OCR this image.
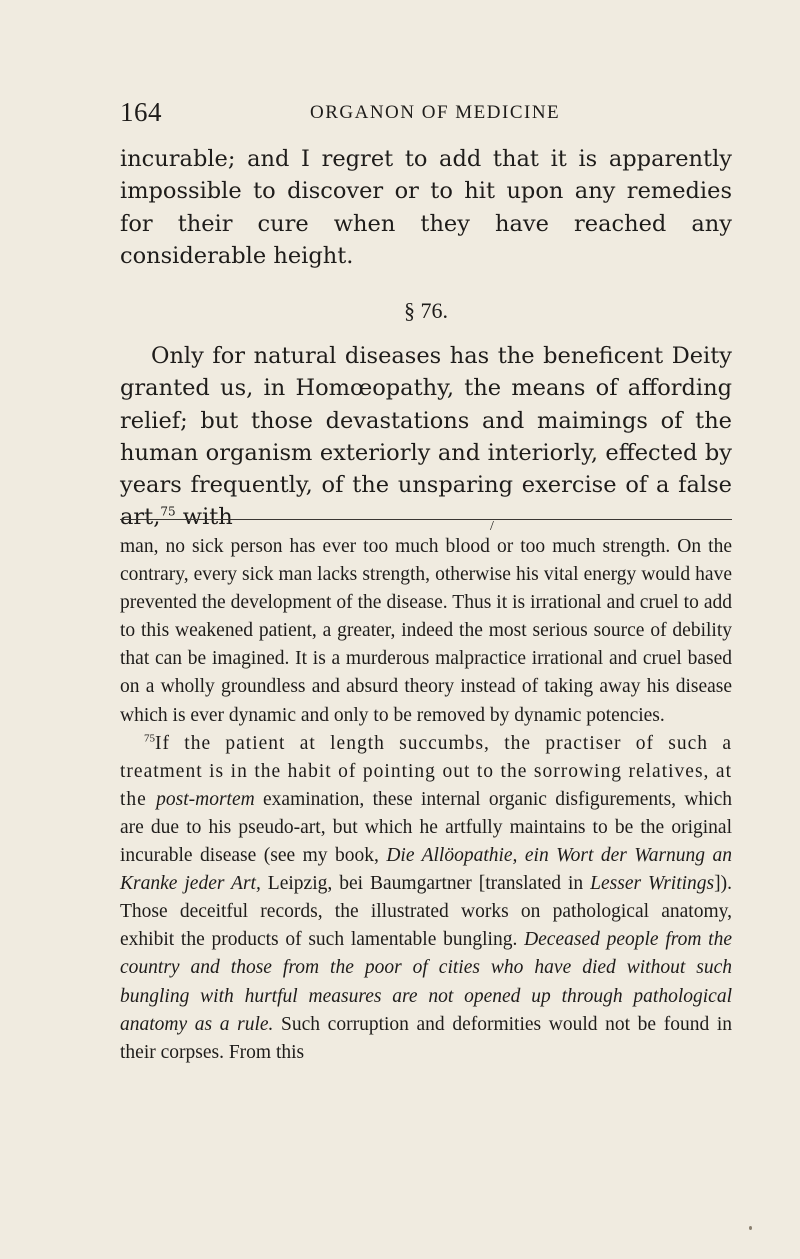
164	ORGANON OF MEDICINE

incurable; and I regret to add that it is apparently impossible to discover or to hit upon any remedies for their cure when they have reached any considerable height.

§ 76.

Only for natural diseases has the beneficent Deity granted us, in Homœopathy, the means of affording relief; but those devastations and maimings of the human organism exteriorly and interiorly, effected by years frequently, of the unsparing exercise of a false art,$^{75}$ with	/
man, no sick person has ever too much blood or too much strength. On the contrary, every sick man lacks strength, otherwise his vital energy would have prevented the development of the disease. Thus it is irrational and cruel to add to this weakened patient, a greater, indeed the most serious source of debility that can be imagined. It is a murderous malpractice irrational and cruel based on a wholly groundless and absurd theory instead of taking away his disease which is ever dynamic and only to be removed by dynamic potencies.

$^{75}$If the patient at length succumbs, the practiser of such a treatment is in the habit of pointing out to the sorrowing relatives, at the post-mortem examination, these internal organic disfigurements, which are due to his pseudo-art, but which he artfully maintains to be the original incurable disease (see my book, Die Allöopathie, ein Wort der Warnung an Kranke jeder Art, Leipzig, bei Baumgartner [translated in Lesser Writings]). Those deceitful records, the illustrated works on pathological anatomy, exhibit the products of such lamentable bungling. Deceased people from the country and those from the poor of cities who have died without such bungling with hurtful measures are not opened up through pathological anatomy as a rule. Such corruption and deformities would not be found in their corpses. From this
